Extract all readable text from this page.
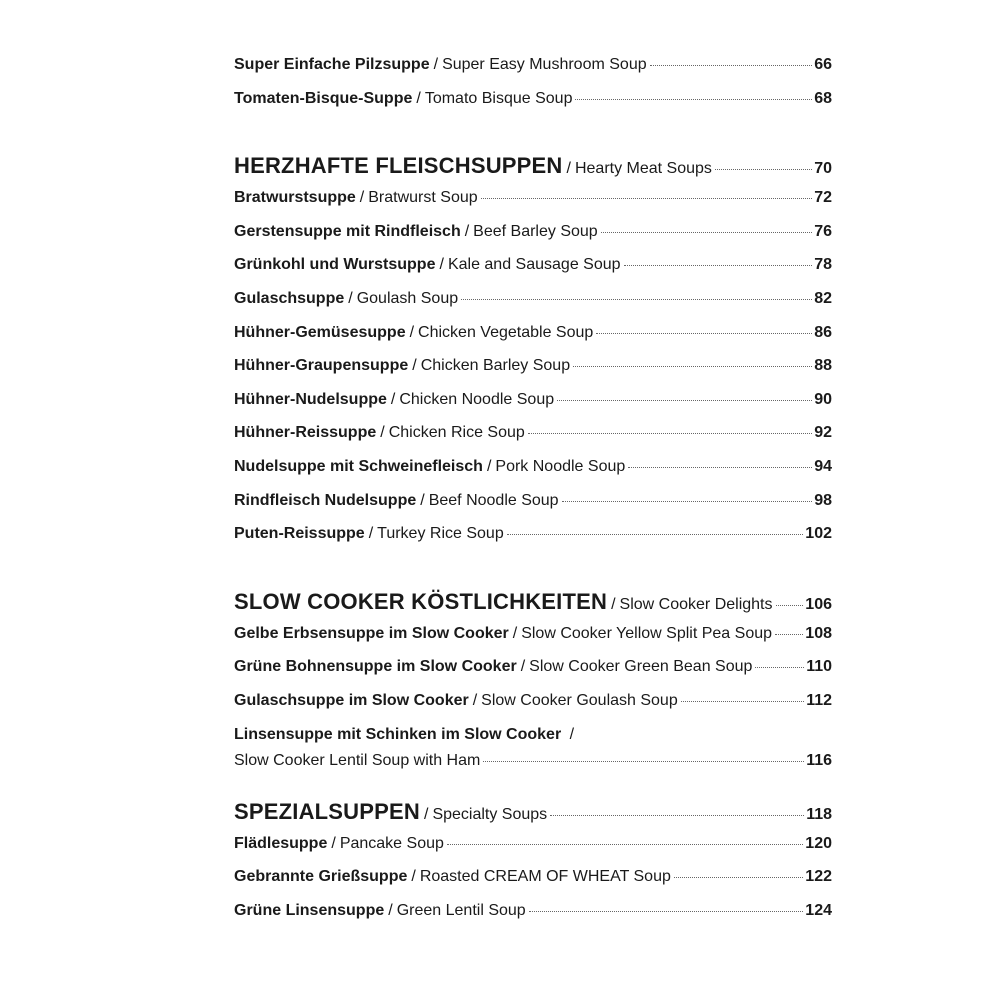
Super Einfache Pilzsuppe / Super Easy Mushroom Soup	66
Tomaten-Bisque-Suppe / Tomato Bisque Soup	68
HERZHAFTE FLEISCHSUPPEN / Hearty Meat Soups	70
Bratwurstsuppe / Bratwurst Soup	72
Gerstensuppe mit Rindfleisch / Beef Barley Soup	76
Grünkohl und Wurstsuppe / Kale and Sausage Soup	78
Gulaschsuppe / Goulash Soup	82
Hühner-Gemüsesuppe / Chicken Vegetable Soup	86
Hühner-Graupensuppe / Chicken Barley Soup	88
Hühner-Nudelsuppe / Chicken Noodle Soup	90
Hühner-Reissuppe / Chicken Rice Soup	92
Nudelsuppe mit Schweinefleisch / Pork Noodle Soup	94
Rindfleisch Nudelsuppe / Beef Noodle Soup	98
Puten-Reissuppe / Turkey Rice Soup	102
SLOW COOKER KÖSTLICHKEITEN / Slow Cooker Delights 106
Gelbe Erbsensuppe im Slow Cooker / Slow Cooker Yellow Split Pea Soup 108
Grüne Bohnensuppe im Slow Cooker / Slow Cooker Green Bean Soup	110
Gulaschsuppe im Slow Cooker / Slow Cooker Goulash Soup	112
Linsensuppe mit Schinken im Slow Cooker /
Slow Cooker Lentil Soup with Ham	116
SPEZIALSUPPEN / Specialty Soups	118
Flädlesuppe / Pancake Soup	120
Gebrannte Grießsuppe / Roasted CREAM OF WHEAT Soup	122
Grüne Linsensuppe / Green Lentil Soup	124
